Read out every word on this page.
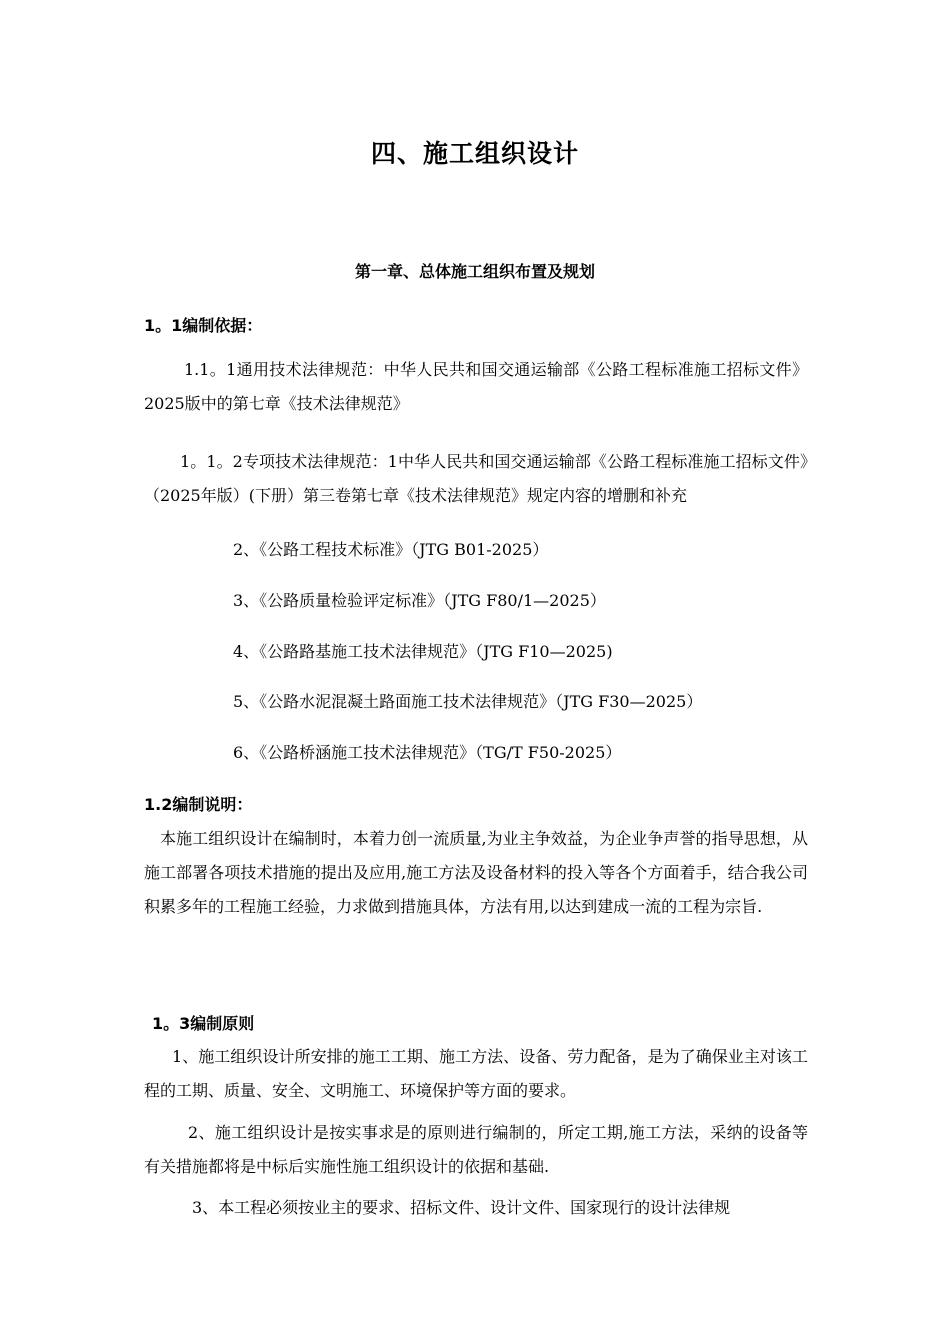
四、施工组织设计
第一章、总体施工组织布置及规划
1。1编制依据：
1.1。1通用技术法律规范：中华人民共和国交通运输部《公路工程标准施工招标文件》2025版中的第七章《技术法律规范》
1。1。2专项技术法律规范：1中华人民共和国交通运输部《公路工程标准施工招标文件》（2025年版）(下册）第三卷第七章《技术法律规范》规定内容的增删和补充
2、《公路工程技术标准》（JTG B01-2025）
3、《公路质量检验评定标准》（JTG F80/1—2025）
4、《公路路基施工技术法律规范》（JTG F10—2025)
5、《公路水泥混凝土路面施工技术法律规范》（JTG F30—2025）
6、《公路桥涵施工技术法律规范》（TG/T F50-2025）
1.2编制说明：
本施工组织设计在编制时，本着力创一流质量,为业主争效益，为企业争声誉的指导思想，从施工部署各项技术措施的提出及应用,施工方法及设备材料的投入等各个方面着手，结合我公司积累多年的工程施工经验，力求做到措施具体，方法有用,以达到建成一流的工程为宗旨.
1。3编制原则
1、施工组织设计所安排的施工工期、施工方法、设备、劳力配备，是为了确保业主对该工程的工期、质量、安全、文明施工、环境保护等方面的要求。
2、施工组织设计是按实事求是的原则进行编制的，所定工期,施工方法，采纳的设备等有关措施都将是中标后实施性施工组织设计的依据和基础.
3、本工程必须按业主的要求、招标文件、设计文件、国家现行的设计法律规
